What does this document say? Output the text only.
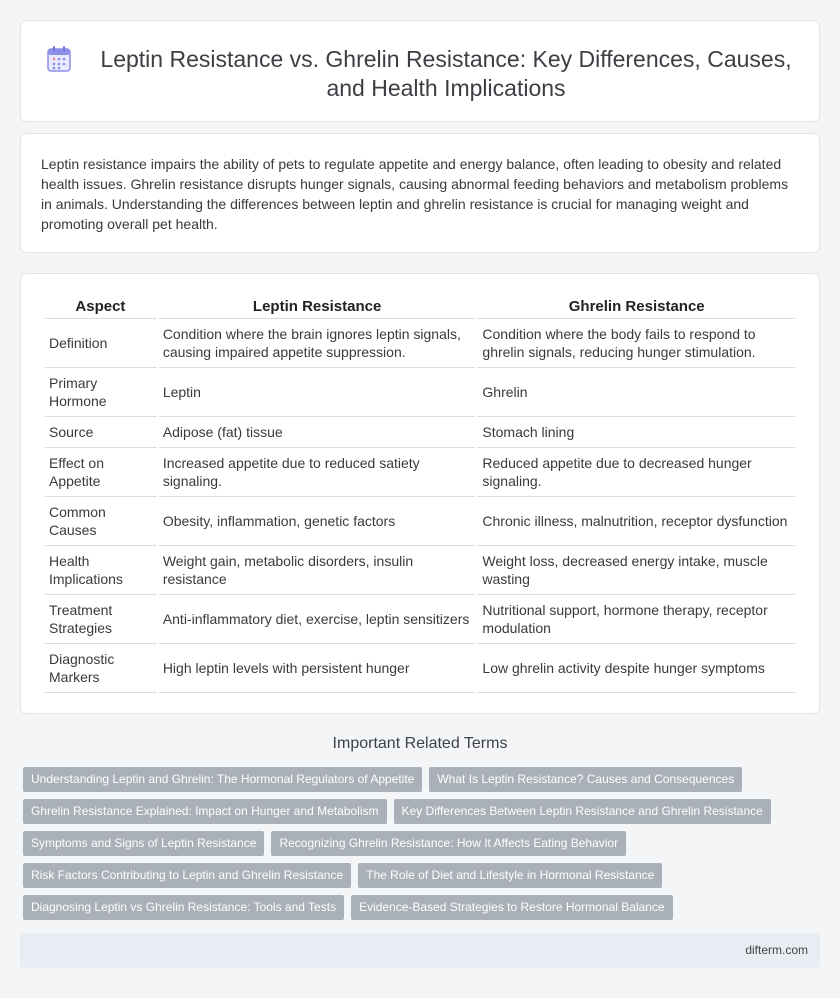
Leptin Resistance vs. Ghrelin Resistance: Key Differences, Causes, and Health Implications

Leptin resistance impairs the ability of pets to regulate appetite and energy balance, often leading to obesity and related health issues. Ghrelin resistance disrupts hunger signals, causing abnormal feeding behaviors and metabolism problems in animals. Understanding the differences between leptin and ghrelin resistance is crucial for managing weight and promoting overall pet health.

Aspect	Leptin Resistance	Ghrelin Resistance
Definition	Condition where the brain ignores leptin signals, causing impaired appetite suppression.	Condition where the body fails to respond to ghrelin signals, reducing hunger stimulation.
Primary Hormone	Leptin	Ghrelin
Source	Adipose (fat) tissue	Stomach lining
Effect on Appetite	Increased appetite due to reduced satiety signaling.	Reduced appetite due to decreased hunger signaling.
Common Causes	Obesity, inflammation, genetic factors	Chronic illness, malnutrition, receptor dysfunction
Health Implications	Weight gain, metabolic disorders, insulin resistance	Weight loss, decreased energy intake, muscle wasting
Treatment Strategies	Anti-inflammatory diet, exercise, leptin sensitizers	Nutritional support, hormone therapy, receptor modulation
Diagnostic Markers	High leptin levels with persistent hunger	Low ghrelin activity despite hunger symptoms
Important Related Terms
Understanding Leptin and Ghrelin: The Hormonal Regulators of Appetite	What Is Leptin Resistance? Causes and Consequences
Ghrelin Resistance Explained: Impact on Hunger and Metabolism	Key Differences Between Leptin Resistance and Ghrelin Resistance
Symptoms and Signs of Leptin Resistance	Recognizing Ghrelin Resistance: How It Affects Eating Behavior
Risk Factors Contributing to Leptin and Ghrelin Resistance	The Role of Diet and Lifestyle in Hormonal Resistance
Diagnosing Leptin vs Ghrelin Resistance: Tools and Tests	Evidence-Based Strategies to Restore Hormonal Balance
difterm.com
